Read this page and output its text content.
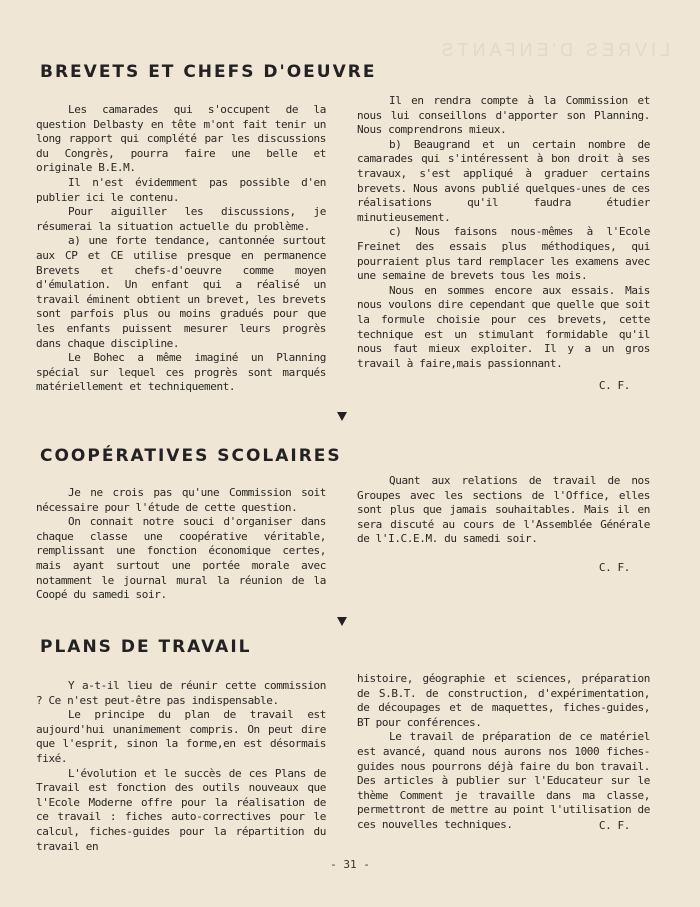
LIVRES D'ENFANTS
BREVETS ET CHEFS D'OEUVRE

Les camarades qui s'occupent de la question Delbasty en tête m'ont fait tenir un long rapport qui complété par les discussions du Congrès, pourra faire une belle et originale B.E.M.

Il n'est évidemment pas possible d'en publier ici le contenu.

Pour aiguiller les discussions, je résumerai la situation actuelle du problème.

a) une forte tendance, cantonnée surtout aux CP et CE utilise presque en permanence Brevets et chefs-d'oeuvre comme moyen d'émulation. Un enfant qui a réalisé un travail éminent obtient un brevet, les brevets sont parfois plus ou moins gradués pour que les enfants puissent mesurer leurs progrès dans chaque discipline.

Le Bohec a même imaginé un Planning spécial sur lequel ces progrès sont marqués matériellement et techniquement.

Il en rendra compte à la Commission et nous lui conseillons d'apporter son Planning. Nous comprendrons mieux.

b) Beaugrand et un certain nombre de camarades qui s'intéressent à bon droit à ses travaux, s'est appliqué à graduer certains brevets. Nous avons publié quelques-unes de ces réalisations qu'il faudra étudier minutieusement.

c) Nous faisons nous-mêmes à l'Ecole Freinet des essais plus méthodiques, qui pourraient plus tard remplacer les examens avec une semaine de brevets tous les mois.

Nous en sommes encore aux essais. Mais nous voulons dire cependant que quelle que soit la formule choisie pour ces brevets, cette technique est un stimulant formidable qu'il nous faut mieux exploiter. Il y a un gros travail à faire,mais passionnant.

C. F.

COOPÉRATIVES SCOLAIRES

Je ne crois pas qu'une Commission soit nécessaire pour l'étude de cette question.

On connait notre souci d'organiser dans chaque classe une coopérative véritable, remplissant une fonction économique certes, mais ayant surtout une portée morale avec notamment le journal mural la réunion de la Coopé du samedi soir.

Quant aux relations de travail de nos Groupes avec les sections de l'Office, elles sont plus que jamais souhaitables. Mais il en sera discuté au cours de l'Assemblée Générale de l'I.C.E.M. du samedi soir.

C. F.

PLANS DE TRAVAIL

Y a-t-il lieu de réunir cette commission ? Ce n'est peut-être pas indispensable.

Le principe du plan de travail est aujourd'hui unanimement compris. On peut dire que l'esprit, sinon la forme,en est désormais fixé.

L'évolution et le succès de ces Plans de Travail est fonction des outils nouveaux que l'Ecole Moderne offre pour la réalisation de ce travail : fiches auto-correctives pour le calcul, fiches-guides pour la répartition du travail en

histoire, géographie et sciences, préparation de S.B.T. de construction, d'expérimentation, de découpages et de maquettes, fiches-guides, BT pour conférences.

Le travail de préparation de ce matériel est avancé, quand nous aurons nos 1000 fiches-guides nous pourrons déjà faire du bon travail. Des articles à publier sur l'Educateur sur le thème Comment je travaille dans ma classe, permettront de mettre au point l'utilisation de ces nouvelles techniques.	C. F.

- 31 -
